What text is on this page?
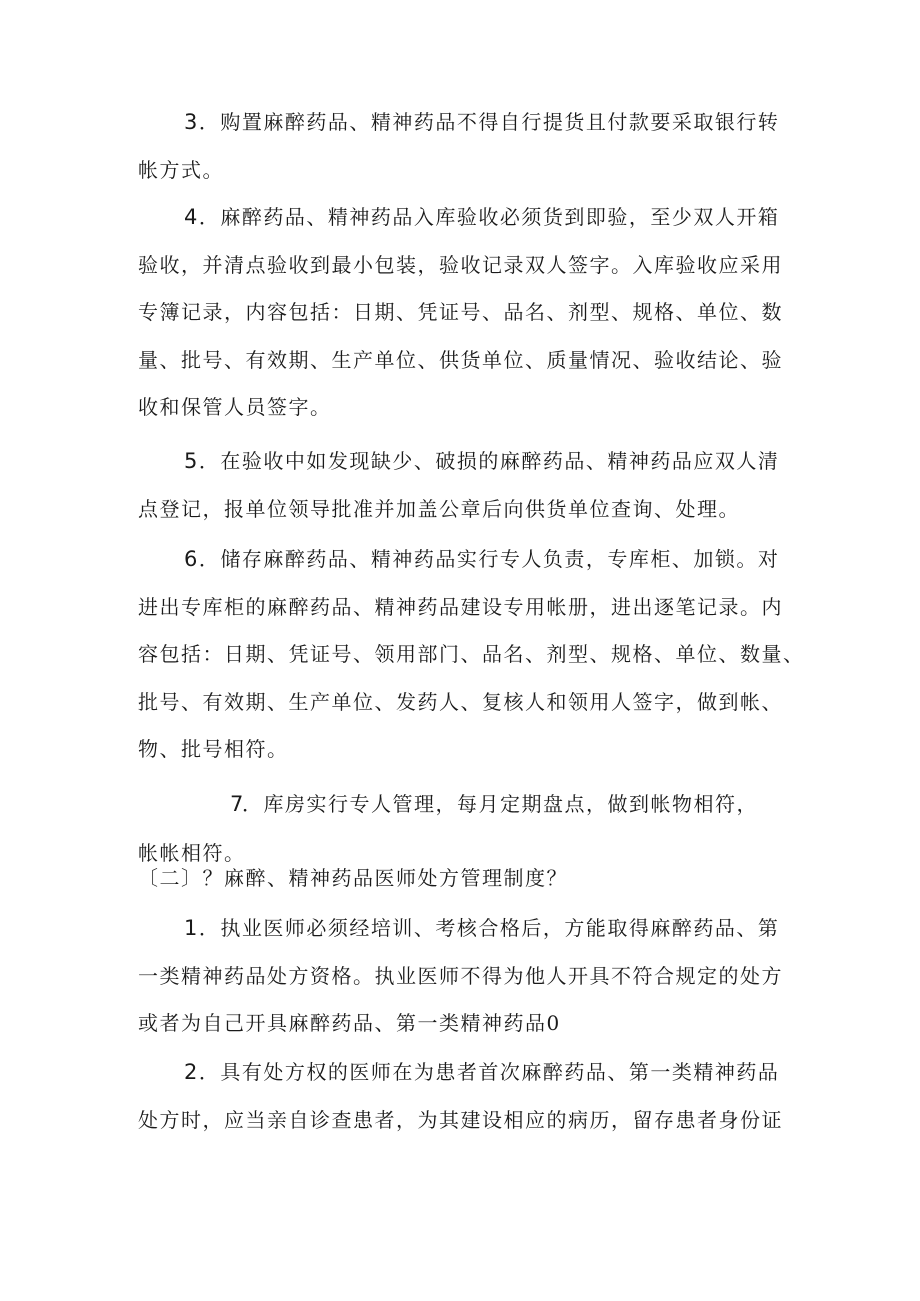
3．购置麻醉药品、精神药品不得自行提货且付款要采取银行转
帐方式。
4．麻醉药品、精神药品入库验收必须货到即验，至少双人开箱
验收，并清点验收到最小包装，验收记录双人签字。入库验收应采用
专簿记录，内容包括：日期、凭证号、品名、剂型、规格、单位、数
量、批号、有效期、生产单位、供货单位、质量情况、验收结论、验
收和保管人员签字。
5．在验收中如发现缺少、破损的麻醉药品、精神药品应双人清
点登记，报单位领导批准并加盖公章后向供货单位查询、处理。
6．储存麻醉药品、精神药品实行专人负责，专库柜、加锁。对
进出专库柜的麻醉药品、精神药品建设专用帐册，进出逐笔记录。内
容包括：日期、凭证号、领用部门、品名、剂型、规格、单位、数量、
批号、有效期、生产单位、发药人、复核人和领用人签字，做到帐、
物、批号相符。
7．库房实行专人管理，每月定期盘点，做到帐物相符，
帐帐相符。
〔二〕？麻醉、精神药品医师处方管理制度？
1．执业医师必须经培训、考核合格后，方能取得麻醉药品、第
一类精神药品处方资格。执业医师不得为他人开具不符合规定的处方
或者为自己开具麻醉药品、第一类精神药品0
2．具有处方权的医师在为患者首次麻醉药品、第一类精神药品
处方时，应当亲自诊查患者，为其建设相应的病历，留存患者身份证
